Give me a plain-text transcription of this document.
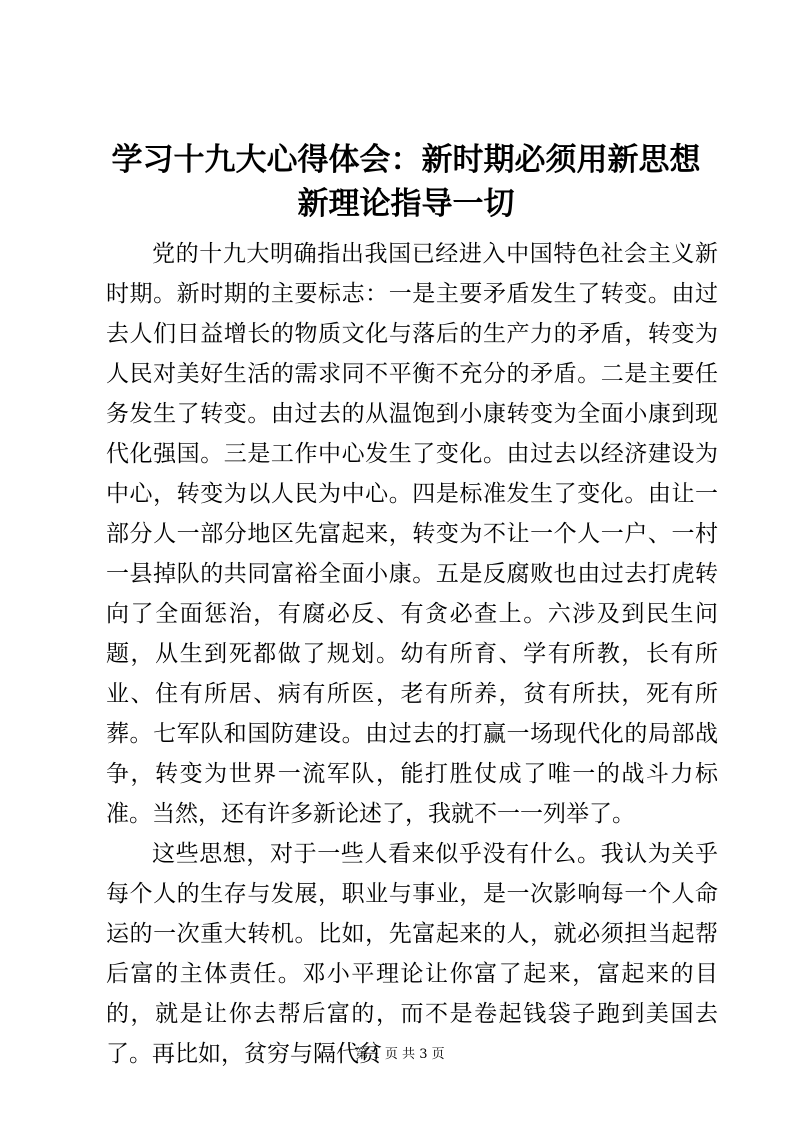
学习十九大心得体会：新时期必须用新思想新理论指导一切

党的十九大明确指出我国已经进入中国特色社会主义新时期。新时期的主要标志：一是主要矛盾发生了转变。由过去人们日益增长的物质文化与落后的生产力的矛盾，转变为人民对美好生活的需求同不平衡不充分的矛盾。二是主要任务发生了转变。由过去的从温饱到小康转变为全面小康到现代化强国。三是工作中心发生了变化。由过去以经济建设为中心，转变为以人民为中心。四是标准发生了变化。由让一部分人一部分地区先富起来，转变为不让一个人一户、一村一县掉队的共同富裕全面小康。五是反腐败也由过去打虎转向了全面惩治，有腐必反、有贪必查上。六涉及到民生问题，从生到死都做了规划。幼有所育、学有所教，长有所业、住有所居、病有所医，老有所养，贫有所扶，死有所葬。七军队和国防建设。由过去的打赢一场现代化的局部战争，转变为世界一流军队，能打胜仗成了唯一的战斗力标准。当然，还有许多新论述了，我就不一一列举了。

这些思想，对于一些人看来似乎没有什么。我认为关乎每个人的生存与发展，职业与事业，是一次影响每一个人命运的一次重大转机。比如，先富起来的人，就必须担当起帮后富的主体责任。邓小平理论让你富了起来，富起来的目的，就是让你去帮后富的，而不是卷起钱袋子跑到美国去了。再比如，贫穷与隔代贫

第 1 页 共 3 页
